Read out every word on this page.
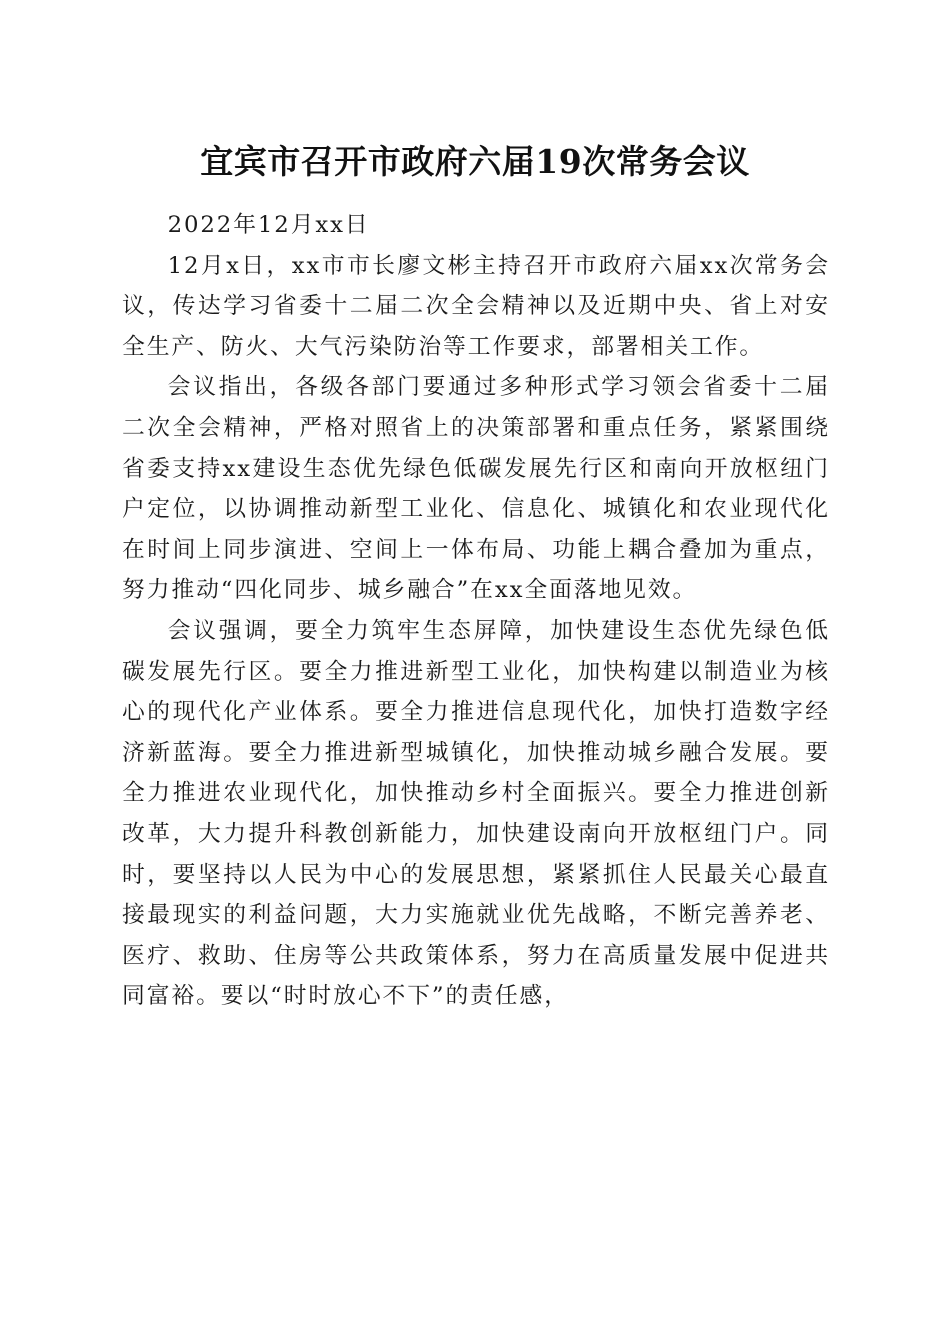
宜宾市召开市政府六届19次常务会议

2022年12月xx日

12月x日，xx市市长廖文彬主持召开市政府六届xx次常务会议，传达学习省委十二届二次全会精神以及近期中央、省上对安全生产、防火、大气污染防治等工作要求，部署相关工作。

会议指出，各级各部门要通过多种形式学习领会省委十二届二次全会精神，严格对照省上的决策部署和重点任务，紧紧围绕省委支持xx建设生态优先绿色低碳发展先行区和南向开放枢纽门户定位，以协调推动新型工业化、信息化、城镇化和农业现代化在时间上同步演进、空间上一体布局、功能上耦合叠加为重点，努力推动“四化同步、城乡融合”在xx全面落地见效。

会议强调，要全力筑牢生态屏障，加快建设生态优先绿色低碳发展先行区。要全力推进新型工业化，加快构建以制造业为核心的现代化产业体系。要全力推进信息现代化，加快打造数字经济新蓝海。要全力推进新型城镇化，加快推动城乡融合发展。要全力推进农业现代化，加快推动乡村全面振兴。要全力推进创新改革，大力提升科教创新能力，加快建设南向开放枢纽门户。同时，要坚持以人民为中心的发展思想，紧紧抓住人民最关心最直接最现实的利益问题，大力实施就业优先战略，不断完善养老、医疗、救助、住房等公共政策体系，努力在高质量发展中促进共同富裕。要以“时时放心不下”的责任感，
